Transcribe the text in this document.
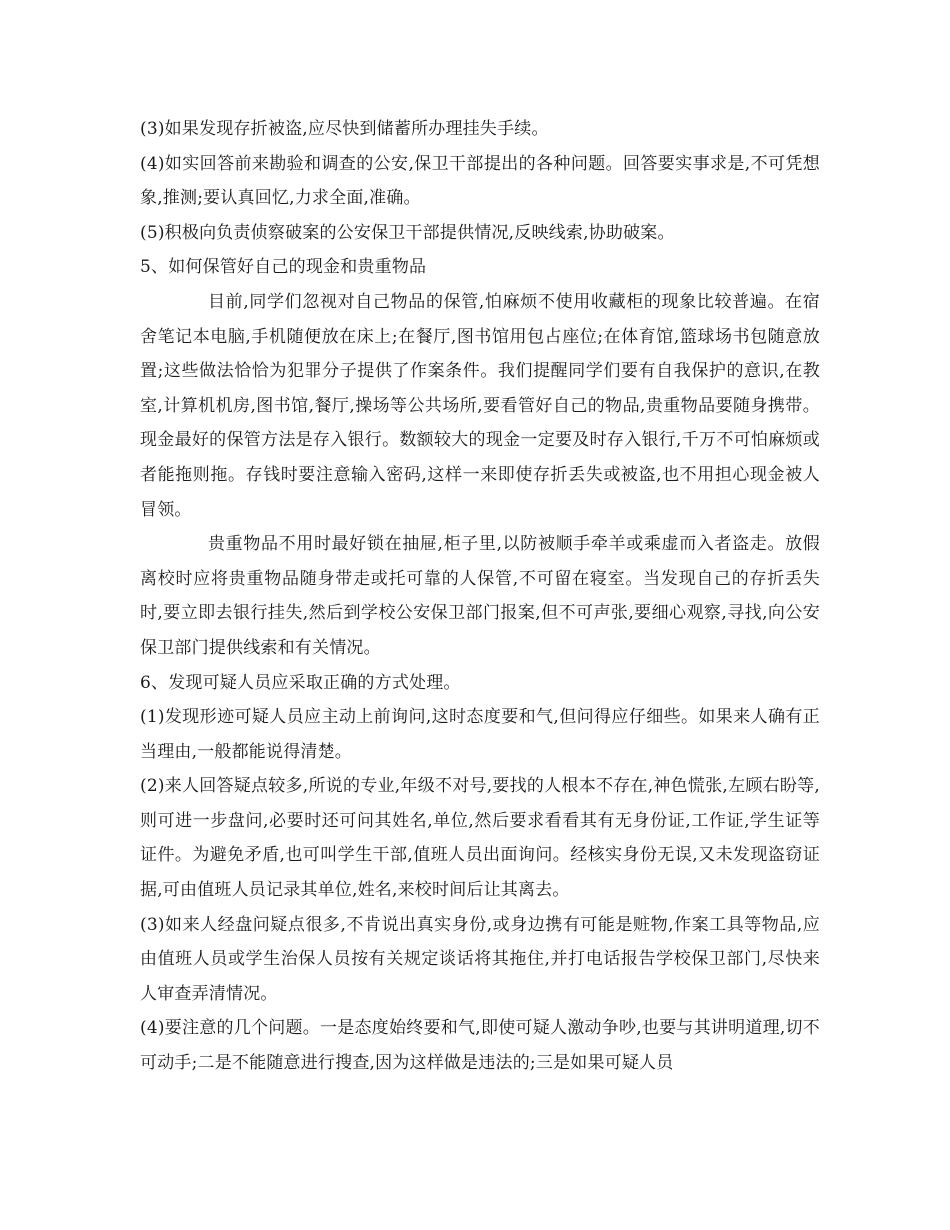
(3)如果发现存折被盗,应尽快到储蓄所办理挂失手续。

(4)如实回答前来勘验和调查的公安,保卫干部提出的各种问题。回答要实事求是,不可凭想象,推测;要认真回忆,力求全面,准确。

(5)积极向负责侦察破案的公安保卫干部提供情况,反映线索,协助破案。

5、如何保管好自己的现金和贵重物品

目前,同学们忽视对自己物品的保管,怕麻烦不使用收藏柜的现象比较普遍。在宿舍笔记本电脑,手机随便放在床上;在餐厅,图书馆用包占座位;在体育馆,篮球场书包随意放置;这些做法恰恰为犯罪分子提供了作案条件。我们提醒同学们要有自我保护的意识,在教室,计算机机房,图书馆,餐厅,操场等公共场所,要看管好自己的物品,贵重物品要随身携带。现金最好的保管方法是存入银行。数额较大的现金一定要及时存入银行,千万不可怕麻烦或者能拖则拖。存钱时要注意输入密码,这样一来即使存折丢失或被盗,也不用担心现金被人冒领。

贵重物品不用时最好锁在抽屉,柜子里,以防被顺手牵羊或乘虚而入者盗走。放假离校时应将贵重物品随身带走或托可靠的人保管,不可留在寝室。当发现自己的存折丢失时,要立即去银行挂失,然后到学校公安保卫部门报案,但不可声张,要细心观察,寻找,向公安保卫部门提供线索和有关情况。

6、发现可疑人员应采取正确的方式处理。

(1)发现形迹可疑人员应主动上前询问,这时态度要和气,但问得应仔细些。如果来人确有正当理由,一般都能说得清楚。

(2)来人回答疑点较多,所说的专业,年级不对号,要找的人根本不存在,神色慌张,左顾右盼等,则可进一步盘问,必要时还可问其姓名,单位,然后要求看看其有无身份证,工作证,学生证等证件。为避免矛盾,也可叫学生干部,值班人员出面询问。经核实身份无误,又未发现盗窃证据,可由值班人员记录其单位,姓名,来校时间后让其离去。

(3)如来人经盘问疑点很多,不肯说出真实身份,或身边携有可能是赃物,作案工具等物品,应由值班人员或学生治保人员按有关规定谈话将其拖住,并打电话报告学校保卫部门,尽快来人审查弄清情况。

(4)要注意的几个问题。一是态度始终要和气,即使可疑人激动争吵,也要与其讲明道理,切不可动手;二是不能随意进行搜查,因为这样做是违法的;三是如果可疑人员
